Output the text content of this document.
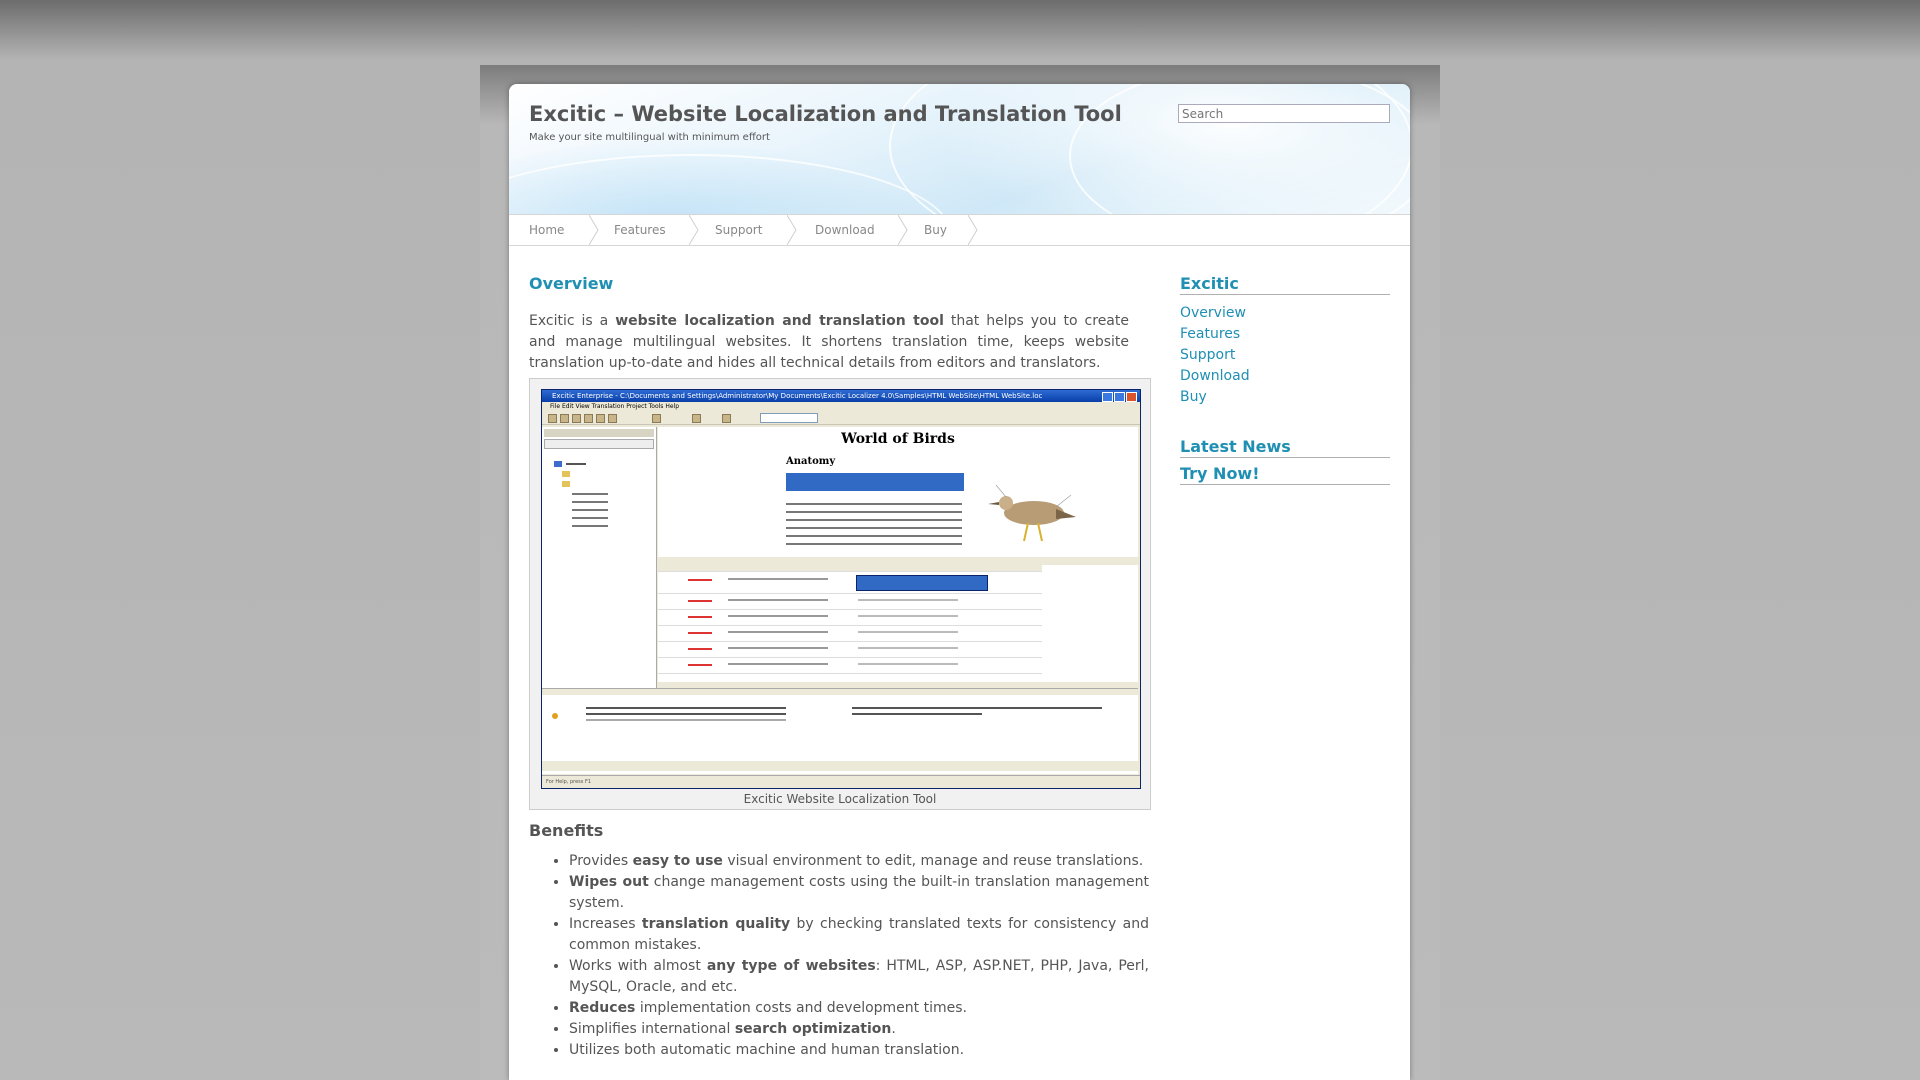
Excitic – Website Localization and Translation Tool

Make your site multilingual with minimum effort

Search
Home	Features	Support	Download	Buy
Overview

Excitic is a website localization and translation tool that helps you to create and manage multilingual websites. It shortens translation time, keeps website translation up-to-date and hides all technical details from editors and translators.

Excitic Enterprise - C:\Documents and Settings\Administrator\My Documents\Excitic Localizer 4.0\Samples\HTML WebSite\HTML WebSite.loc
File Edit View Translation Project Tools Help
World of Birds
Anatomy
For Help, press F1
Excitic Website Localization Tool
Benefits
• Provides easy to use visual environment to edit, manage and reuse translations.
• Wipes out change management costs using the built-in translation management system.
• Increases translation quality by checking translated texts for consistency and common mistakes.
• Works with almost any type of websites: HTML, ASP, ASP.NET, PHP, Java, Perl, MySQL, Oracle, and etc.
• Reduces implementation costs and development times.
• Simplifies international search optimization.
• Utilizes both automatic machine and human translation.
Excitic
Overview
Features
Support
Download
Buy
Latest News
Try Now!
